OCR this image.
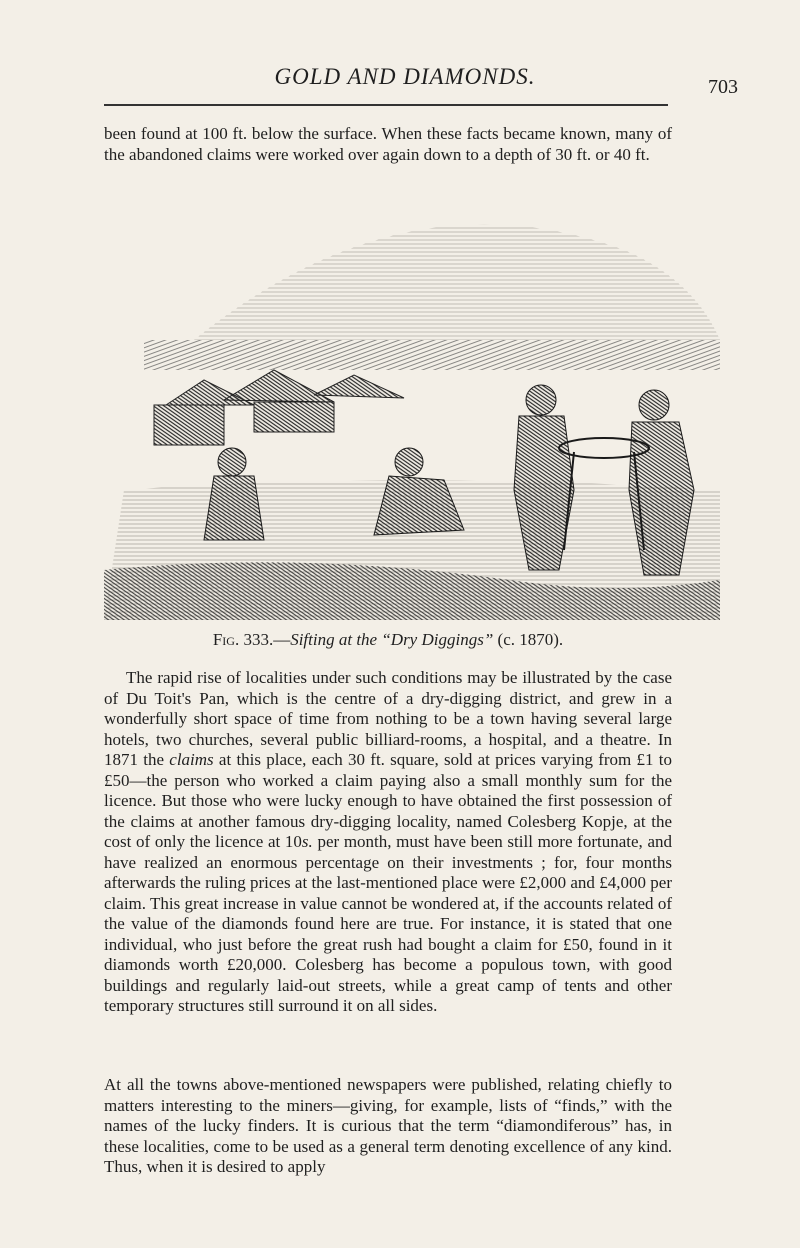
GOLD AND DIAMONDS.	703
been found at 100 ft. below the surface. When these facts became known, many of the abandoned claims were worked over again down to a depth of 30 ft. or 40 ft.
Fig. 333.—Sifting at the “Dry Diggings” (c. 1870).
The rapid rise of localities under such conditions may be illustrated by the case of Du Toit's Pan, which is the centre of a dry-digging district, and grew in a wonderfully short space of time from nothing to be a town having several large hotels, two churches, several public billiard-rooms, a hospital, and a theatre. In 1871 the claims at this place, each 30 ft. square, sold at prices varying from £1 to £50—the person who worked a claim paying also a small monthly sum for the licence. But those who were lucky enough to have obtained the first possession of the claims at another famous dry-digging locality, named Colesberg Kopje, at the cost of only the licence at 10s. per month, must have been still more fortunate, and have realized an enormous percentage on their investments ; for, four months afterwards the ruling prices at the last-mentioned place were £2,000 and £4,000 per claim. This great increase in value cannot be wondered at, if the accounts related of the value of the diamonds found here are true. For instance, it is stated that one individual, who just before the great rush had bought a claim for £50, found in it diamonds worth £20,000. Colesberg has become a populous town, with good buildings and regularly laid-out streets, while a great camp of tents and other temporary structures still surround it on all sides.
At all the towns above-mentioned newspapers were published, relating chiefly to matters interesting to the miners—giving, for example, lists of “finds,” with the names of the lucky finders. It is curious that the term “diamondiferous” has, in these localities, come to be used as a general term denoting excellence of any kind. Thus, when it is desired to apply
